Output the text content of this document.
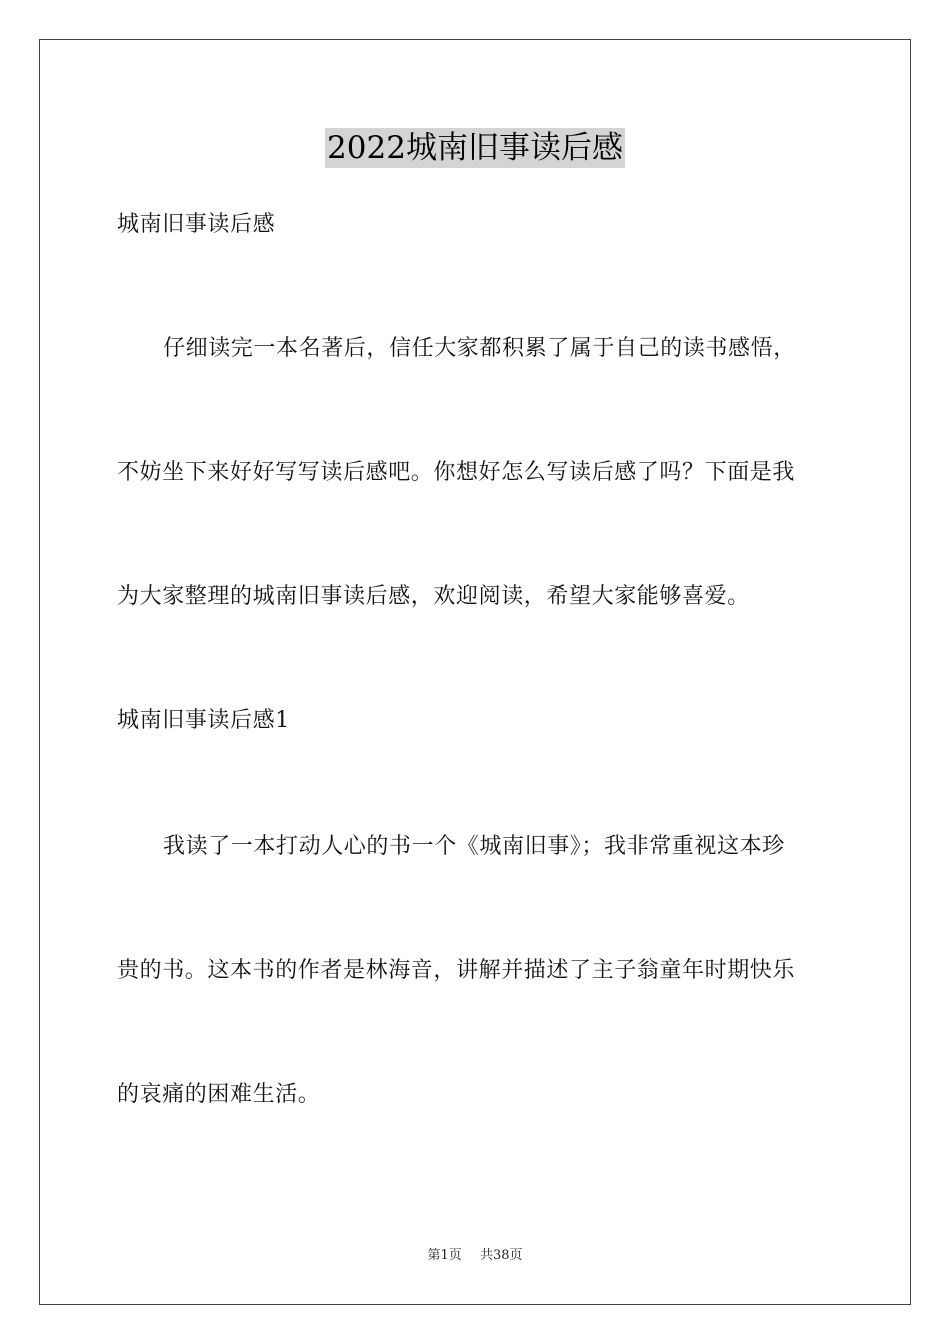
2022城南旧事读后感
城南旧事读后感
仔细读完一本名著后，信任大家都积累了属于自己的读书感悟，
不妨坐下来好好写写读后感吧。你想好怎么写读后感了吗？下面是我
为大家整理的城南旧事读后感，欢迎阅读，希望大家能够喜爱。
城南旧事读后感1
我读了一本打动人心的书一个《城南旧事》；我非常重视这本珍
贵的书。这本书的作者是林海音，讲解并描述了主子翁童年时期快乐
的哀痛的困难生活。
第1页 共38页
